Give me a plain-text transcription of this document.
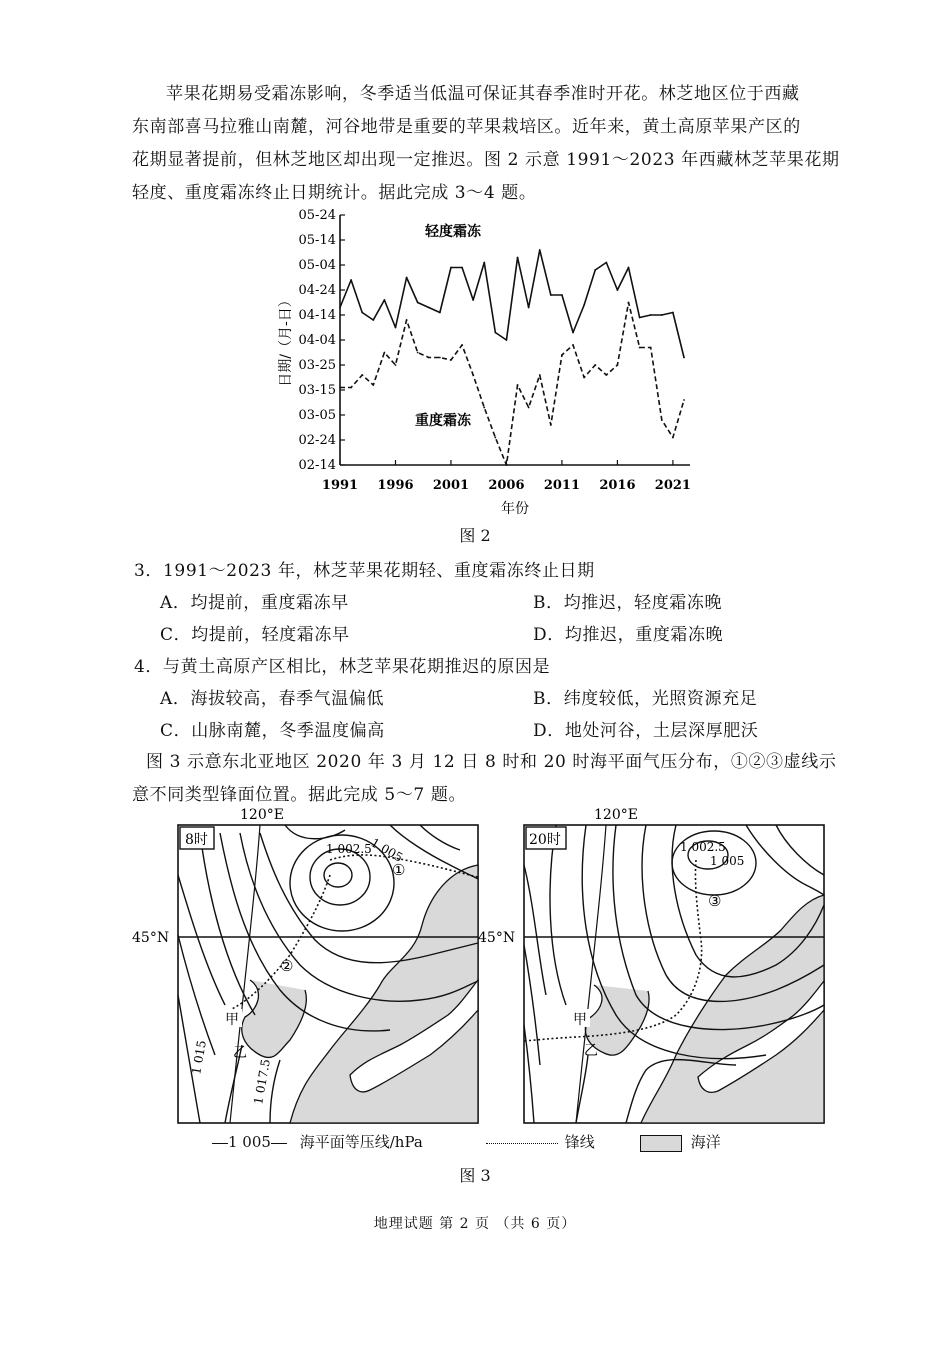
苹果花期易受霜冻影响，冬季适当低温可保证其春季准时开花。林芝地区位于西藏
东南部喜马拉雅山南麓，河谷地带是重要的苹果栽培区。近年来，黄土高原苹果产区的
花期显著提前，但林芝地区却出现一定推迟。图 2 示意 1991～2023 年西藏林芝苹果花期
轻度、重度霜冻终止日期统计。据此完成 3～4 题。
02-14
02-24
03-05
03-15
03-25
04-04
04-14
04-24
05-04
05-14
05-24
1991 1996 2001 2006 2011 2016 2021
年份
日期/（月-日）
轻度霜冻
重度霜冻
图 2
3．1991～2023 年，林芝苹果花期轻、重度霜冻终止日期
A．均提前，重度霜冻早	B．均推迟，轻度霜冻晚
C．均提前，轻度霜冻早	D．均推迟，重度霜冻晚
4．与黄土高原产区相比，林芝苹果花期推迟的原因是
A．海拔较高，春季气温偏低	B．纬度较低，光照资源充足
C．山脉南麓，冬季温度偏高	D．地处河谷，土层深厚肥沃
图 3 示意东北亚地区 2020 年 3 月 12 日 8 时和 20 时海平面气压分布，①②③虚线示
意不同类型锋面位置。据此完成 5～7 题。
8时
120°E
45°N
1 002.5
1 005
①
②
甲
乙
1 015
1 017.5
20时
120°E
45°N
1 002.5
1 005
③
甲
乙
1 005 海平面等压线/hPa	锋线	海洋
图 3
地理试题 第 2 页 （共 6 页）
